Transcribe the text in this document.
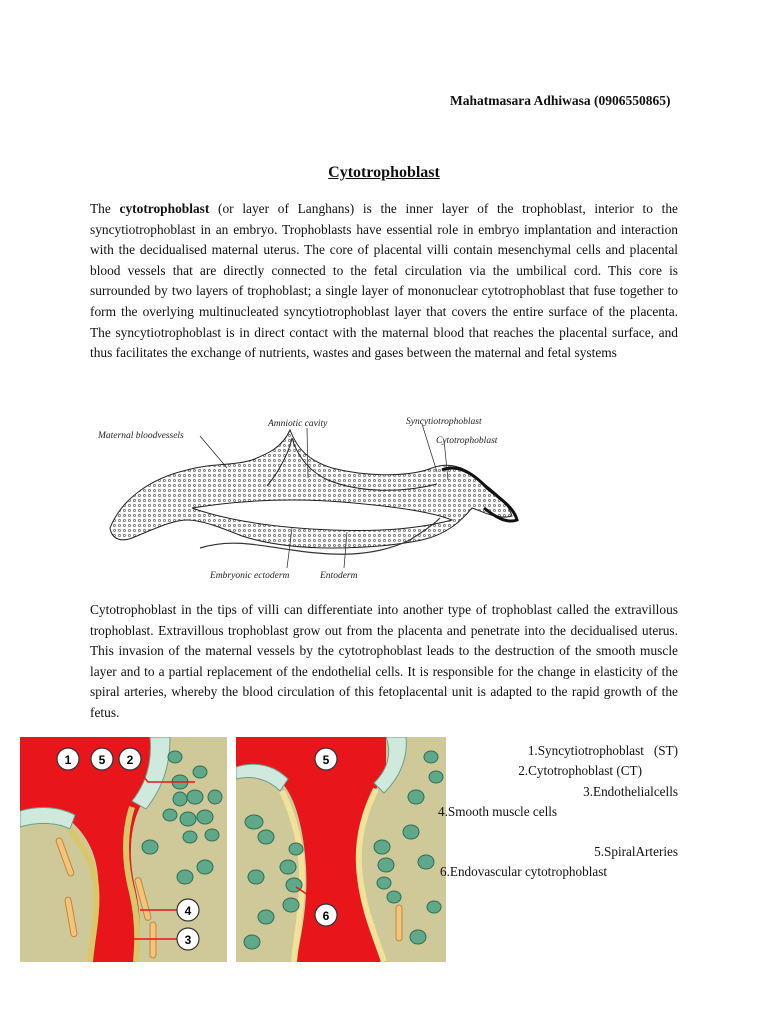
Mahatmasara Adhiwasa (0906550865)
Cytotrophoblast
The cytotrophoblast (or layer of Langhans) is the inner layer of the trophoblast, interior to the syncytiotrophoblast in an embryo. Trophoblasts have essential role in embryo implantation and interaction with the decidualised maternal uterus. The core of placental villi contain mesenchymal cells and placental blood vessels that are directly connected to the fetal circulation via the umbilical cord. This core is surrounded by two layers of trophoblast; a single layer of mononuclear cytotrophoblast that fuse together to form the overlying multinucleated syncytiotrophoblast layer that covers the entire surface of the placenta. The syncytiotrophoblast is in direct contact with the maternal blood that reaches the placental surface, and thus facilitates the exchange of nutrients, wastes and gases between the maternal and fetal systems
Maternal bloodvessels
Amniotic cavity	Syncytiotrophoblast
Cytotrophoblast
Embryonic ectoderm	Entoderm
Cytotrophoblast in the tips of villi can differentiate into another type of trophoblast called the extravillous trophoblast. Extravillous trophoblast grow out from the placenta and penetrate into the decidualised uterus. This invasion of the maternal vessels by the cytotrophoblast leads to the destruction of the smooth muscle layer and to a partial replacement of the endothelial cells. It is responsible for the change in elasticity of the spiral arteries, whereby the blood circulation of this fetoplacental unit is adapted to the rapid growth of the fetus.
1 5 2
4
3
5
6
1.Syncytiotrophoblast   (ST)
2.Cytotrophoblast (CT)
3.Endothelialcells
4.Smooth muscle cells
5.SpiralArteries
6.Endovascular cytotrophoblast
